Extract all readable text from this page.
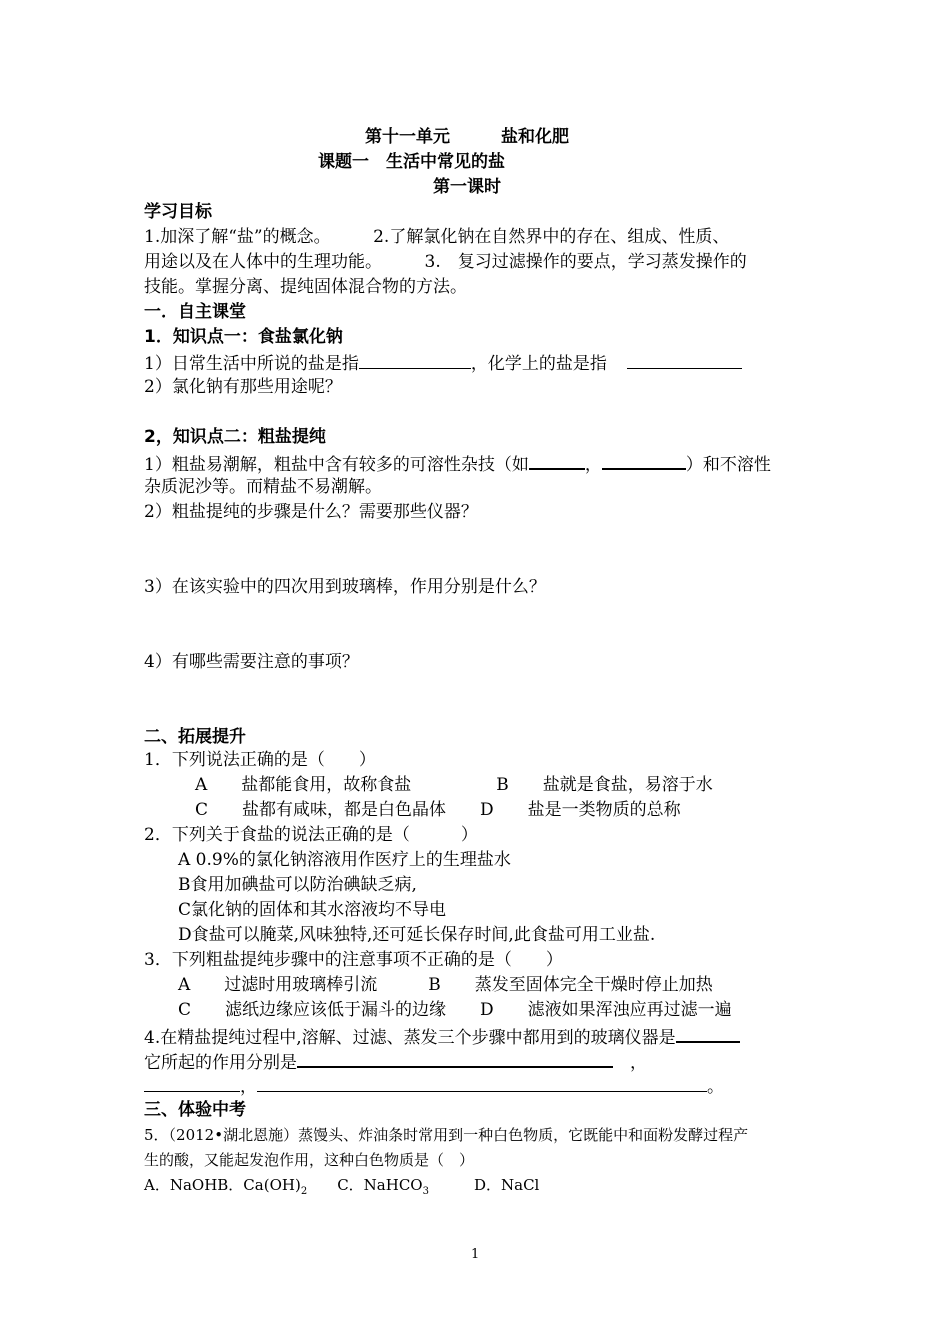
第十一单元　　　盐和化肥
课题一　生活中常见的盐
第一课时
学习目标
1.加深了解“盐”的概念。　　　2.了解氯化钠在自然界中的存在、组成、性质、
用途以及在人体中的生理功能。　　　3.　复习过滤操作的要点，学习蒸发操作的
技能。掌握分离、提纯固体混合物的方法。
一．自主课堂
1．知识点一：食盐氯化钠
1）日常生活中所说的盐是指	，化学上的盐是指
2）氯化钠有那些用途呢？
2，知识点二：粗盐提纯
1）粗盐易潮解，粗盐中含有较多的可溶性杂技（如	，	）和不溶性
杂质泥沙等。而精盐不易潮解。
2）粗盐提纯的步骤是什么？需要那些仪器？
3）在该实验中的四次用到玻璃棒，作用分别是什么？
4）有哪些需要注意的事项？
二、拓展提升
1．下列说法正确的是（　　）
　　　A　　盐都能食用，故称食盐　　　　　B　　盐就是食盐，易溶于水
　　　C　　盐都有咸味，都是白色晶体　　D　　盐是一类物质的总称
2．下列关于食盐的说法正确的是（　　　）
　　A 0.9%的氯化钠溶液用作医疗上的生理盐水
　　B食用加碘盐可以防治碘缺乏病,
　　C氯化钠的固体和其水溶液均不导电
　　D食盐可以腌菜,风味独特,还可延长保存时间,此食盐可用工业盐.
3．下列粗盐提纯步骤中的注意事项不正确的是（　　）
　　A　　过滤时用玻璃棒引流　　　B　　蒸发至固体完全干燥时停止加热
　　C　　滤纸边缘应该低于漏斗的边缘　　D　　滤液如果浑浊应再过滤一遍
4.在精盐提纯过程中,溶解、过滤、蒸发三个步骤中都用到的玻璃仪器是
它所起的作用分别是	　，
，	。
三、体验中考
5．（2012•湖北恩施）蒸馒头、炸油条时常用到一种白色物质，它既能中和面粉发酵过程产
生的酸，又能起发泡作用，这种白色物质是（　）
A．NaOHB．$Ca(OH)_2$　　C．NaHCO$_3$　　　D．NaCl
1
